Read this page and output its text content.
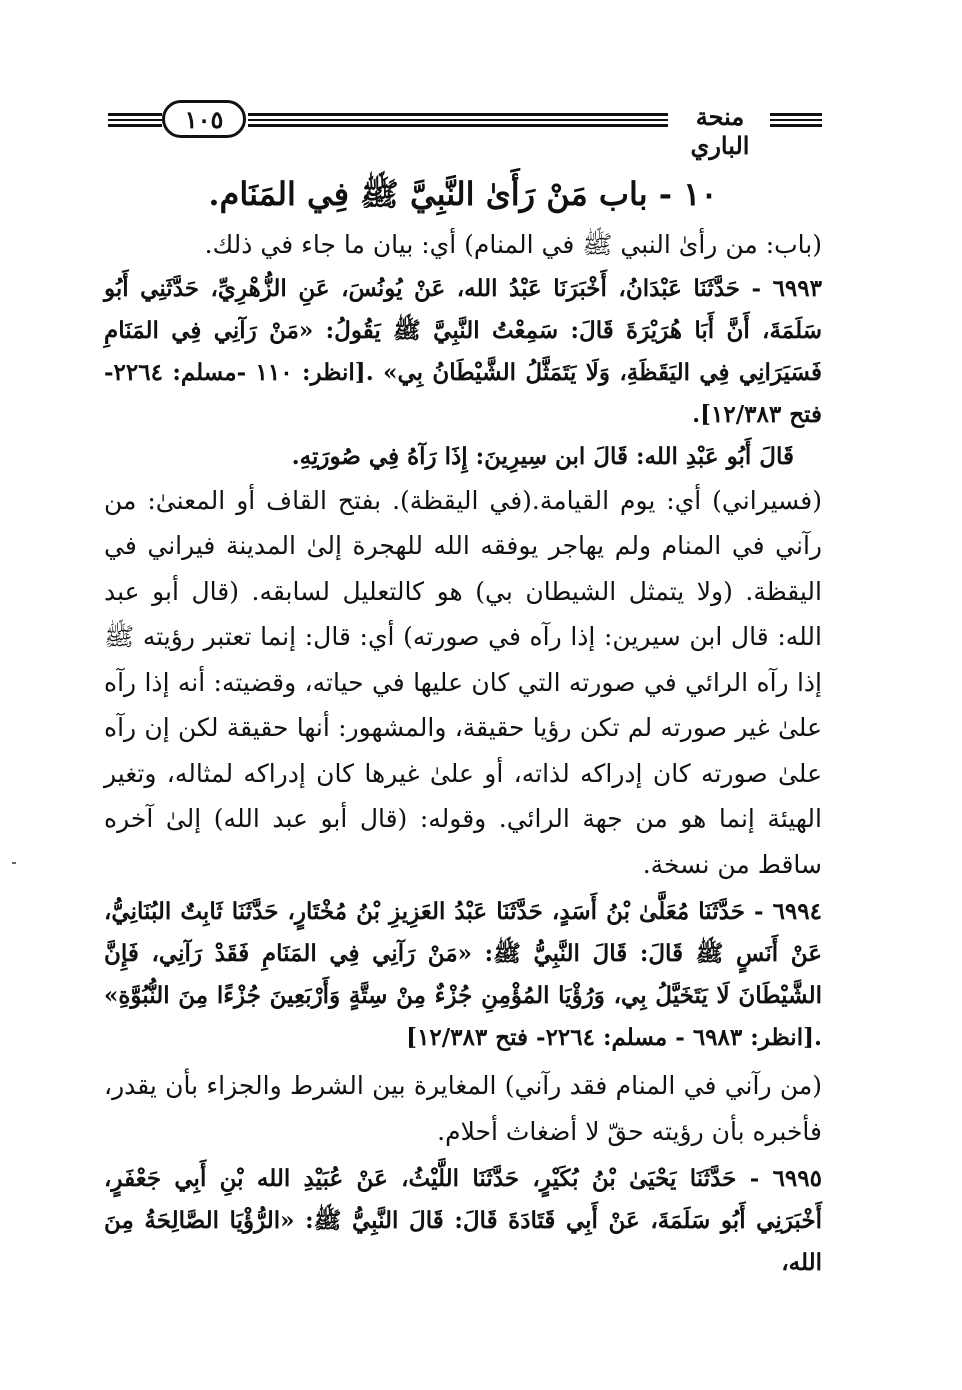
١٠٥	منحة الباري
١٠ - باب مَنْ رَأَىٰ النَّبِيَّ ﷺ فِي المَنَام.

(باب: من رأىٰ النبي ﷺ في المنام) أي: بيان ما جاء في ذلك.

٦٩٩٣ - حَدَّثَنَا عَبْدَانُ، أَخْبَرَنَا عَبْدُ الله، عَنْ يُونُسَ، عَنِ الزُّهْرِيِّ، حَدَّثَنِي أَبُو سَلَمَةَ، أَنَّ أَبَا هُرَيْرَةَ قَالَ: سَمِعْتُ النَّبِيَّ ﷺ يَقُولُ: «مَنْ رَآنِي فِي المَنَامِ فَسَيَرَانِي فِي اليَقَظَةِ، وَلَا يَتَمَثَّلُ الشَّيْطَانُ بِي» .[انظر: ١١٠ -مسلم: ٢٢٦٤- فتح ١٢/٣٨٣].

قَالَ أَبُو عَبْدِ الله: قَالَ ابن سِيرِينَ: إِذَا رَآهُ فِي صُورَتِهِ.

(فسيراني) أي: يوم القيامة.(في اليقظة). بفتح القاف أو المعنىٰ: من رآني في المنام ولم يهاجر يوفقه الله للهجرة إلىٰ المدينة فيراني في اليقظة. (ولا يتمثل الشيطان بي) هو كالتعليل لسابقه. (قال أبو عبد الله: قال ابن سيرين: إذا رآه في صورته) أي: قال: إنما تعتبر رؤيته ﷺ إذا رآه الرائي في صورته التي كان عليها في حياته، وقضيته: أنه إذا رآه علىٰ غير صورته لم تكن رؤيا حقيقة، والمشهور: أنها حقيقة لكن إن رآه علىٰ صورته كان إدراكه لذاته، أو علىٰ غيرها كان إدراكه لمثاله، وتغير الهيئة إنما هو من جهة الرائي. وقوله: (قال أبو عبد الله) إلىٰ آخره ساقط من نسخة.

٦٩٩٤ - حَدَّثَنَا مُعَلَّىٰ بْنُ أَسَدٍ، حَدَّثَنَا عَبْدُ العَزِيزِ بْنُ مُخْتَارٍ، حَدَّثَنَا ثَابِتٌ البُنَانِيُّ، عَنْ أَنَسٍ ﷺ قَالَ: قَالَ النَّبِيُّ ﷺ: «مَنْ رَآنِي فِي المَنَامِ فَقَدْ رَآنِي، فَإِنَّ الشَّيْطَانَ لَا يَتَخَيَّلُ بِي، وَرُؤْيَا المُؤْمِنِ جُزْءٌ مِنْ سِتَّةٍ وَأَرْبَعِينَ جُزْءًا مِنَ النُّبُوَّةِ» .[انظر: ٦٩٨٣ - مسلم: ٢٢٦٤- فتح ١٢/٣٨٣]

(من رآني في المنام فقد رآني) المغايرة بين الشرط والجزاء بأن يقدر، فأخبره بأن رؤيته حقّ لا أضغاث أحلام.

٦٩٩٥ - حَدَّثَنَا يَحْيَىٰ بْنُ بُكَيْرٍ، حَدَّثَنَا اللَّيْثُ، عَنْ عُبَيْدِ الله بْنِ أَبِي جَعْفَرٍ، أَخْبَرَنِي أَبُو سَلَمَةَ، عَنْ أَبِي قَتَادَةَ قَالَ: قَالَ النَّبِيُّ ﷺ: «الرُّؤْيَا الصَّالِحَةُ مِنَ الله،
